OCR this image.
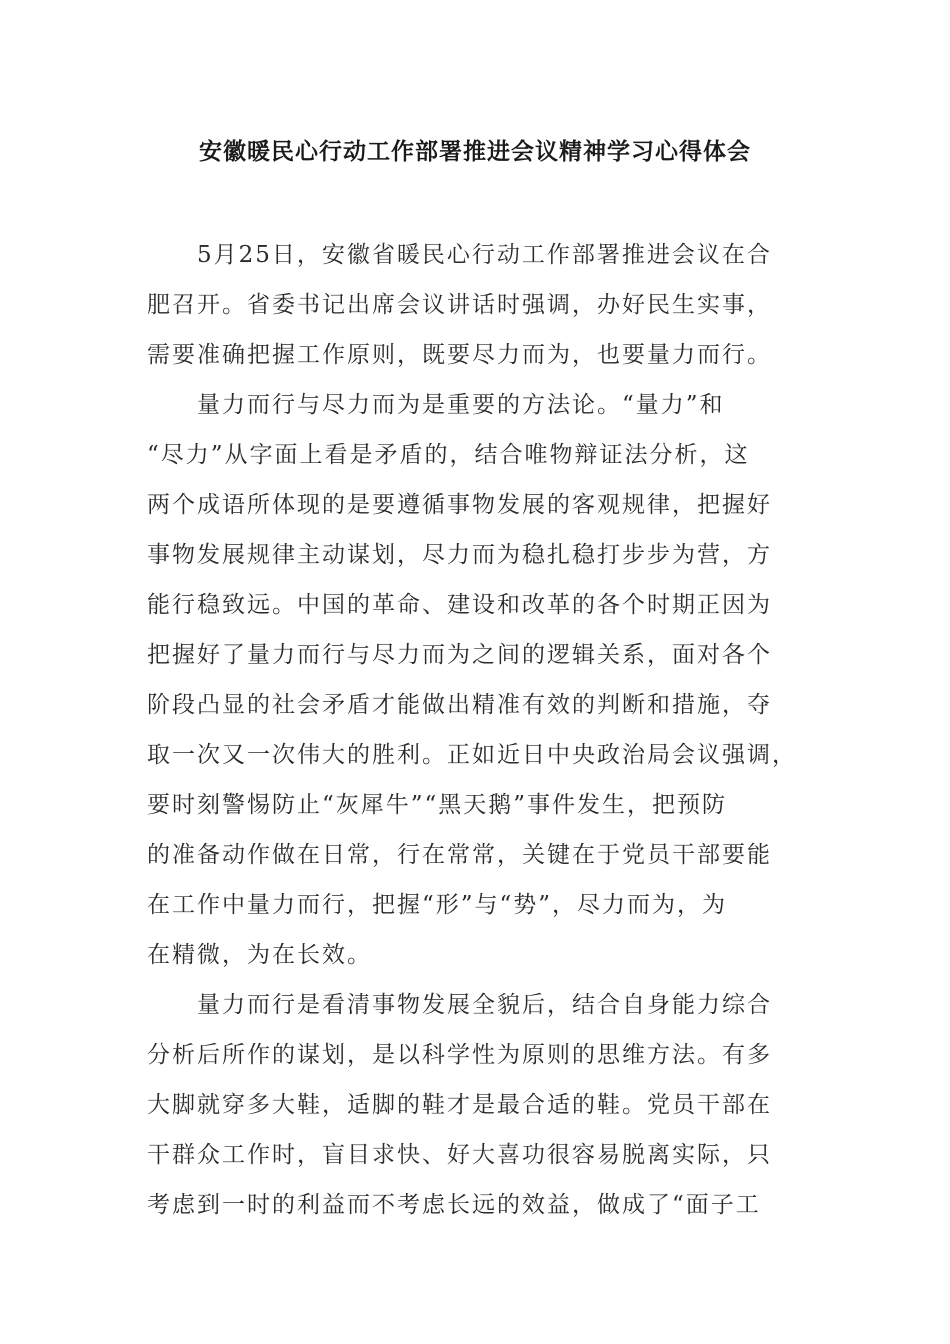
安徽暖民心行动工作部署推进会议精神学习心得体会
5月25日，安徽省暖民心行动工作部署推进会议在合
肥召开。省委书记出席会议讲话时强调，办好民生实事，
需要准确把握工作原则，既要尽力而为，也要量力而行。
量力而行与尽力而为是重要的方法论。“量力”和
“尽力”从字面上看是矛盾的，结合唯物辩证法分析，这
两个成语所体现的是要遵循事物发展的客观规律，把握好
事物发展规律主动谋划，尽力而为稳扎稳打步步为营，方
能行稳致远。中国的革命、建设和改革的各个时期正因为
把握好了量力而行与尽力而为之间的逻辑关系，面对各个
阶段凸显的社会矛盾才能做出精准有效的判断和措施，夺
取一次又一次伟大的胜利。正如近日中央政治局会议强调，
要时刻警惕防止“灰犀牛”“黑天鹅”事件发生，把预防
的准备动作做在日常，行在常常，关键在于党员干部要能
在工作中量力而行，把握“形”与“势”，尽力而为，为
在精微，为在长效。
量力而行是看清事物发展全貌后，结合自身能力综合
分析后所作的谋划，是以科学性为原则的思维方法。有多
大脚就穿多大鞋，适脚的鞋才是最合适的鞋。党员干部在
干群众工作时，盲目求快、好大喜功很容易脱离实际，只
考虑到一时的利益而不考虑长远的效益，做成了“面子工
